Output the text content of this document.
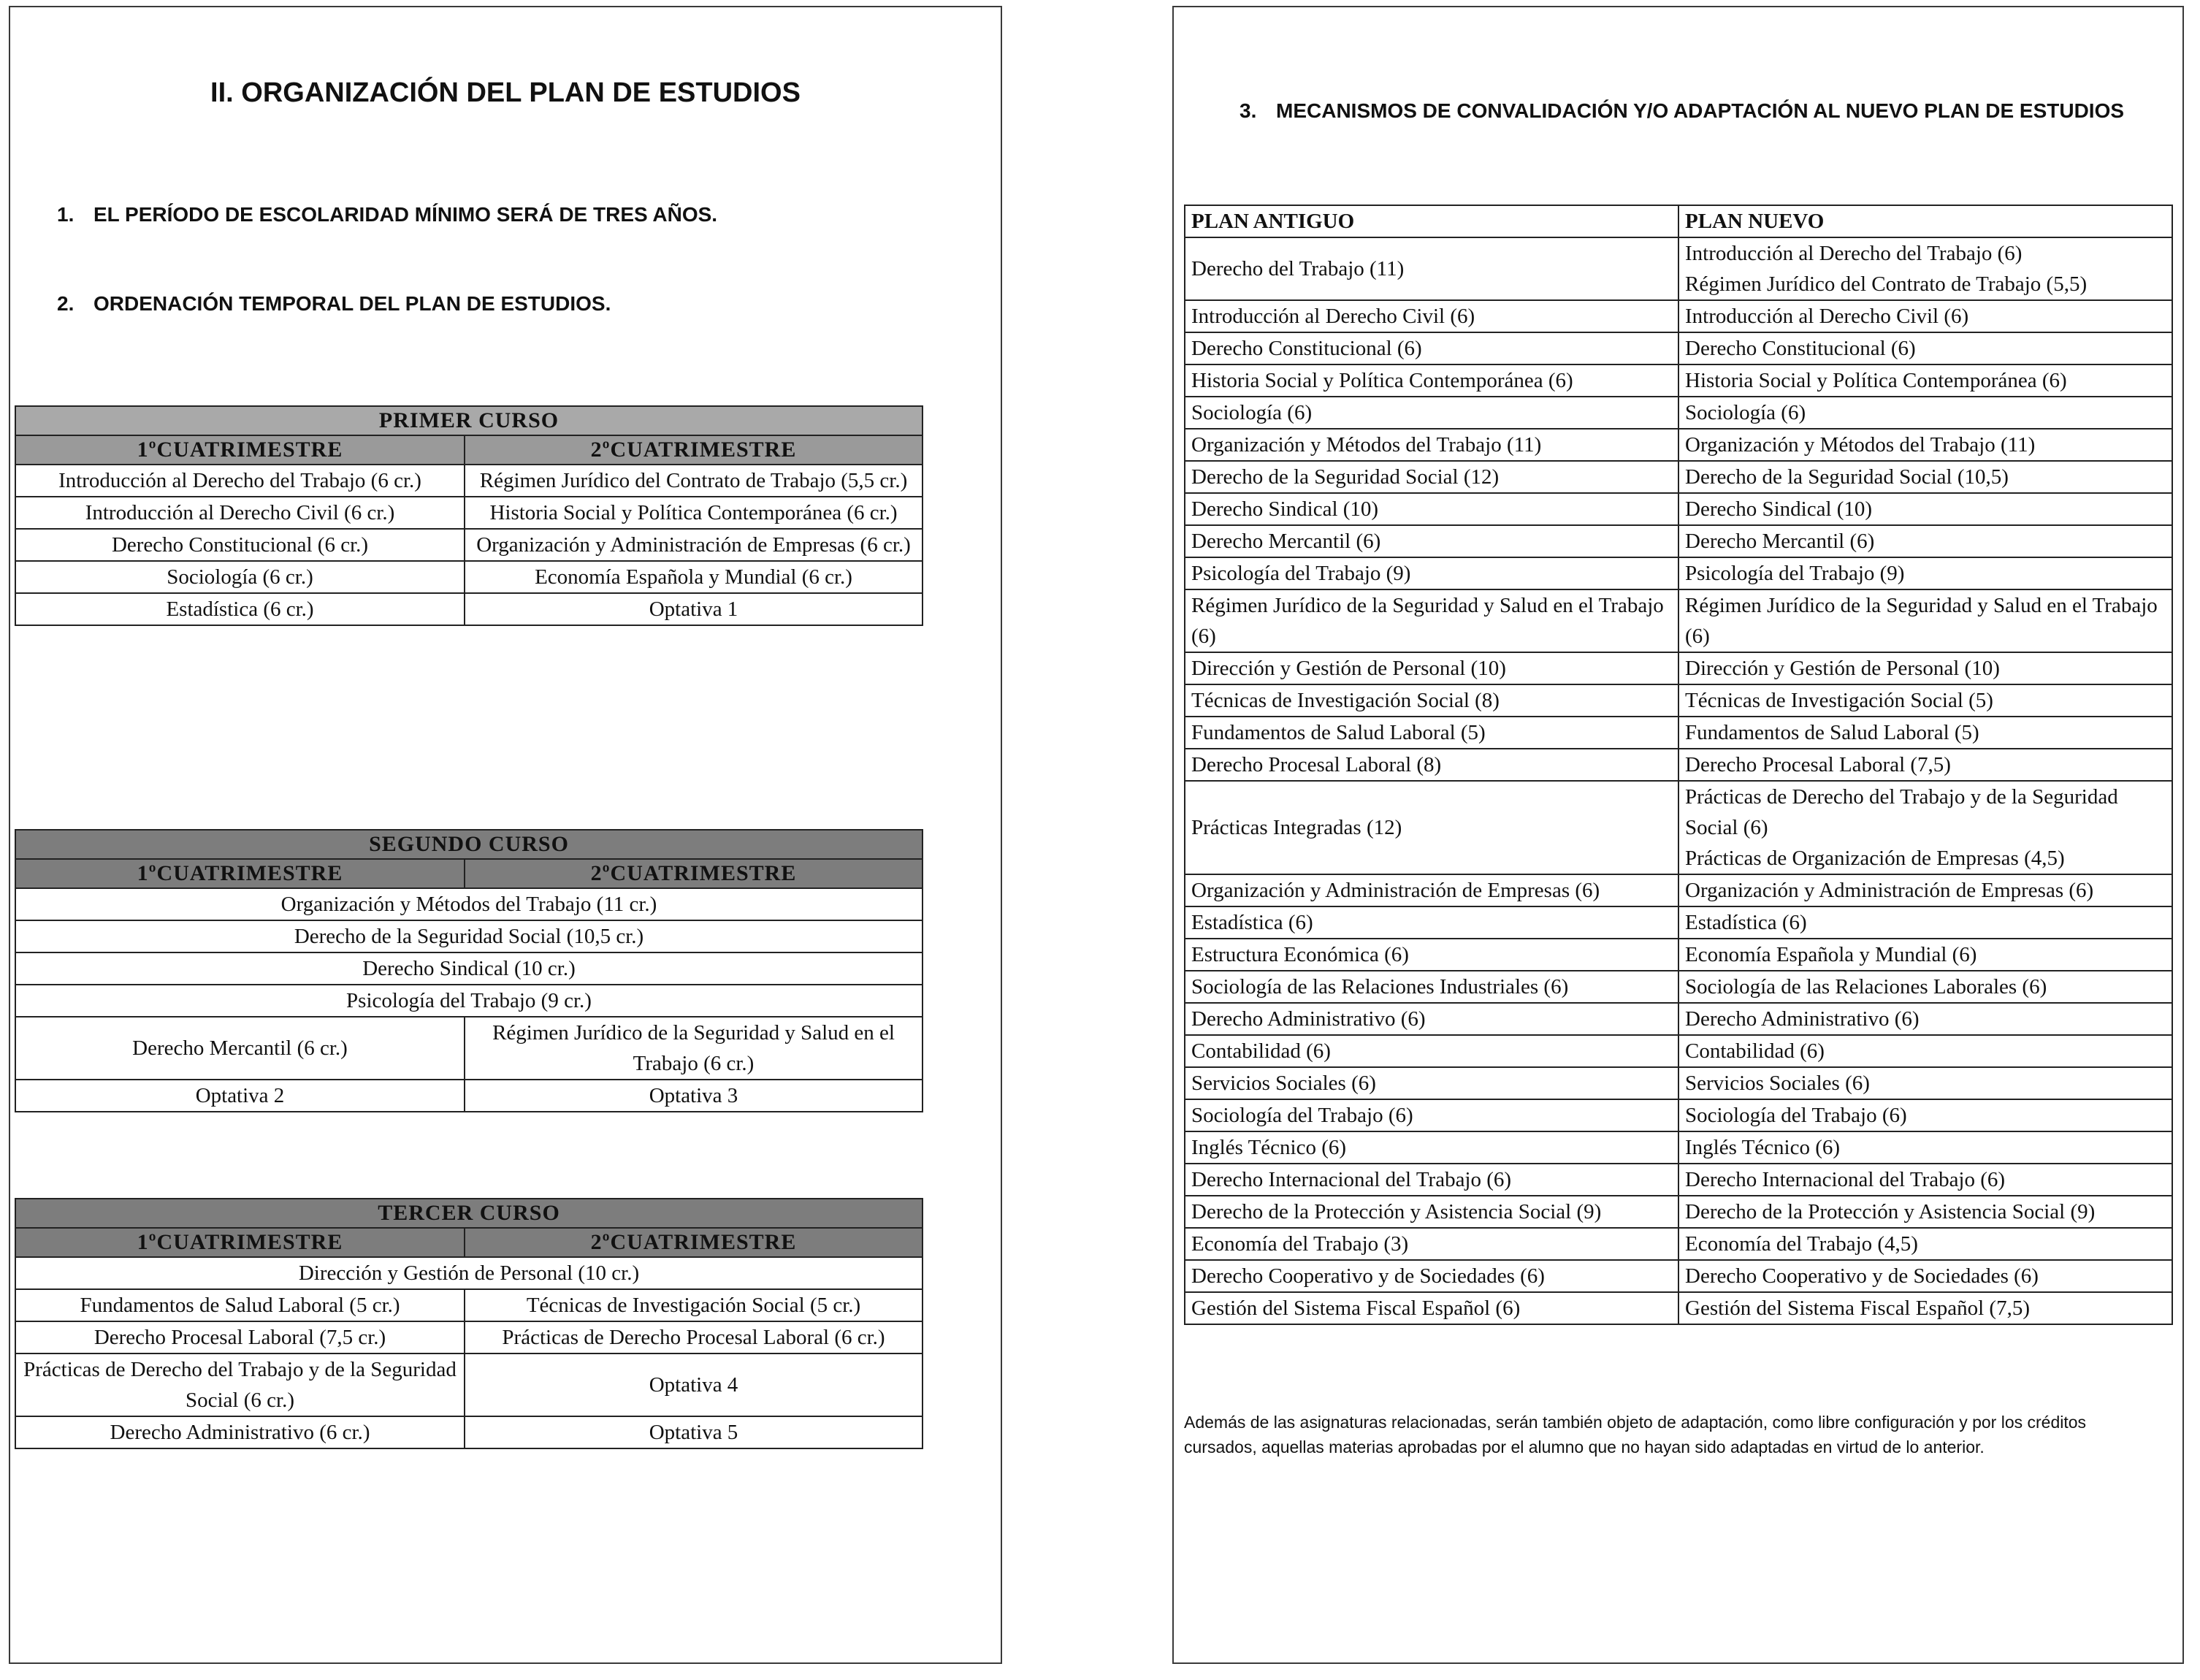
II. ORGANIZACIÓN DEL PLAN DE ESTUDIOS
1. EL PERÍODO DE ESCOLARIDAD MÍNIMO SERÁ DE TRES AÑOS.
2. ORDENACIÓN TEMPORAL DEL PLAN DE ESTUDIOS.
PRIMER CURSO	
1ºCUATRIMESTRE	2ºCUATRIMESTRE
Introducción al Derecho del Trabajo (6 cr.)	Régimen Jurídico del Contrato de Trabajo (5,5 cr.)
Introducción al Derecho Civil (6 cr.)	Historia Social y Política Contemporánea (6 cr.)
Derecho Constitucional (6 cr.)	Organización y Administración de Empresas (6 cr.)
Sociología (6 cr.)	Economía Española y Mundial (6 cr.)
Estadística (6 cr.)	Optativa 1
SEGUNDO CURSO	
1ºCUATRIMESTRE	2ºCUATRIMESTRE
Organización y Métodos del Trabajo (11 cr.)	
Derecho de la Seguridad Social (10,5 cr.)	
Derecho Sindical (10 cr.)	
Psicología del Trabajo (9 cr.)	
Derecho Mercantil (6 cr.)	Régimen Jurídico de la Seguridad y Salud en el Trabajo (6 cr.)
Optativa 2	Optativa 3
TERCER CURSO	
1ºCUATRIMESTRE	2ºCUATRIMESTRE
Dirección y Gestión de Personal (10 cr.)	
Fundamentos de Salud Laboral (5 cr.)	Técnicas de Investigación Social (5 cr.)
Derecho Procesal Laboral (7,5 cr.)	Prácticas de Derecho Procesal Laboral (6 cr.)
Prácticas de Derecho del Trabajo y de la Seguridad Social (6 cr.)	Optativa 4
Derecho Administrativo (6 cr.)	Optativa 5
3. MECANISMOS DE CONVALIDACIÓN Y/O ADAPTACIÓN AL NUEVO PLAN DE ESTUDIOS
PLAN ANTIGUO	PLAN NUEVO
Derecho del Trabajo (11)	Introducción al Derecho del Trabajo (6)
Régimen Jurídico del Contrato de Trabajo (5,5)
Introducción al Derecho Civil (6)	Introducción al Derecho Civil (6)
Derecho Constitucional (6)	Derecho Constitucional (6)
Historia Social y Política Contemporánea (6)	Historia Social y Política Contemporánea (6)
Sociología (6)	Sociología (6)
Organización y Métodos del Trabajo (11)	Organización y Métodos del Trabajo (11)
Derecho de la Seguridad Social (12)	Derecho de la Seguridad Social (10,5)
Derecho Sindical (10)	Derecho Sindical (10)
Derecho Mercantil (6)	Derecho Mercantil (6)
Psicología del Trabajo (9)	Psicología del Trabajo (9)
Régimen Jurídico de la Seguridad y Salud en el Trabajo (6)	Régimen Jurídico de la Seguridad y Salud en el Trabajo (6)
Dirección y Gestión de Personal (10)	Dirección y Gestión de Personal (10)
Técnicas de Investigación Social (8)	Técnicas de Investigación Social (5)
Fundamentos de Salud Laboral (5)	Fundamentos de Salud Laboral (5)
Derecho Procesal Laboral (8)	Derecho Procesal Laboral (7,5)
Prácticas Integradas (12)	Prácticas de Derecho del Trabajo y de la Seguridad Social (6)
Prácticas de Organización de Empresas (4,5)
Organización y Administración de Empresas (6)	Organización y Administración de Empresas (6)
Estadística (6)	Estadística (6)
Estructura Económica (6)	Economía Española y Mundial (6)
Sociología de las Relaciones Industriales (6)	Sociología de las Relaciones Laborales (6)
Derecho Administrativo (6)	Derecho Administrativo (6)
Contabilidad (6)	Contabilidad (6)
Servicios Sociales (6)	Servicios Sociales (6)
Sociología del Trabajo (6)	Sociología del Trabajo (6)
Inglés Técnico (6)	Inglés Técnico (6)
Derecho Internacional del Trabajo (6)	Derecho Internacional del Trabajo (6)
Derecho de la Protección y Asistencia Social (9)	Derecho de la Protección y Asistencia Social (9)
Economía del Trabajo (3)	Economía del Trabajo (4,5)
Derecho Cooperativo y de Sociedades (6)	Derecho Cooperativo y de Sociedades (6)
Gestión del Sistema Fiscal Español (6)	Gestión del Sistema Fiscal Español (7,5)
Además de las asignaturas relacionadas, serán también objeto de adaptación, como libre configuración y por los créditos cursados, aquellas materias aprobadas por el alumno que no hayan sido adaptadas en virtud de lo anterior.
